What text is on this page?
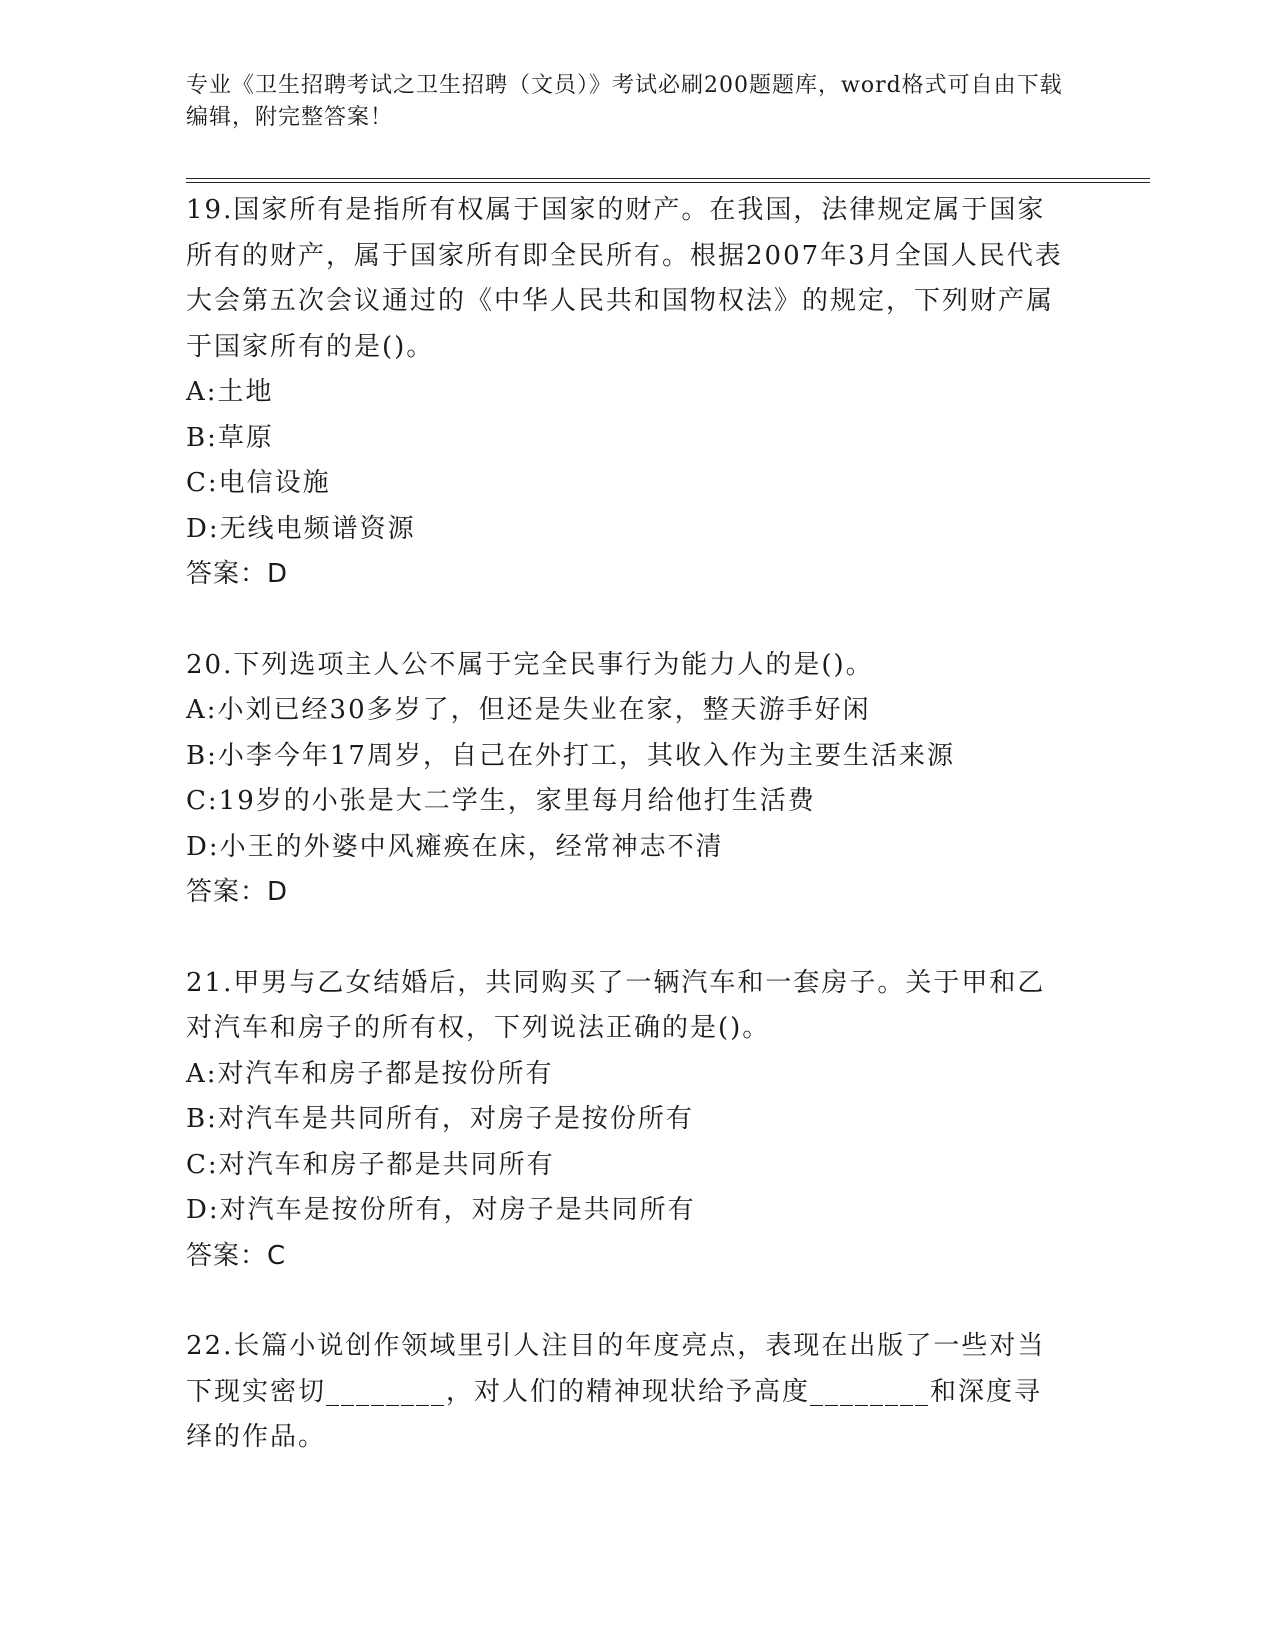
专业《卫生招聘考试之卫生招聘（文员）》考试必刷200题题库，word格式可自由下载编辑，附完整答案！
19.国家所有是指所有权属于国家的财产。在我国，法律规定属于国家所有的财产，属于国家所有即全民所有。根据2007年3月全国人民代表大会第五次会议通过的《中华人民共和国物权法》的规定，下列财产属于国家所有的是()。
A:土地
B:草原
C:电信设施
D:无线电频谱资源
答案：D
20.下列选项主人公不属于完全民事行为能力人的是()。
A:小刘已经30多岁了，但还是失业在家，整天游手好闲
B:小李今年17周岁，自己在外打工，其收入作为主要生活来源
C:19岁的小张是大二学生，家里每月给他打生活费
D:小王的外婆中风瘫痪在床，经常神志不清
答案：D
21.甲男与乙女结婚后，共同购买了一辆汽车和一套房子。关于甲和乙对汽车和房子的所有权，下列说法正确的是()。
A:对汽车和房子都是按份所有
B:对汽车是共同所有，对房子是按份所有
C:对汽车和房子都是共同所有
D:对汽车是按份所有，对房子是共同所有
答案：C
22.长篇小说创作领域里引人注目的年度亮点，表现在出版了一些对当下现实密切________，对人们的精神现状给予高度________和深度寻绎的作品。
